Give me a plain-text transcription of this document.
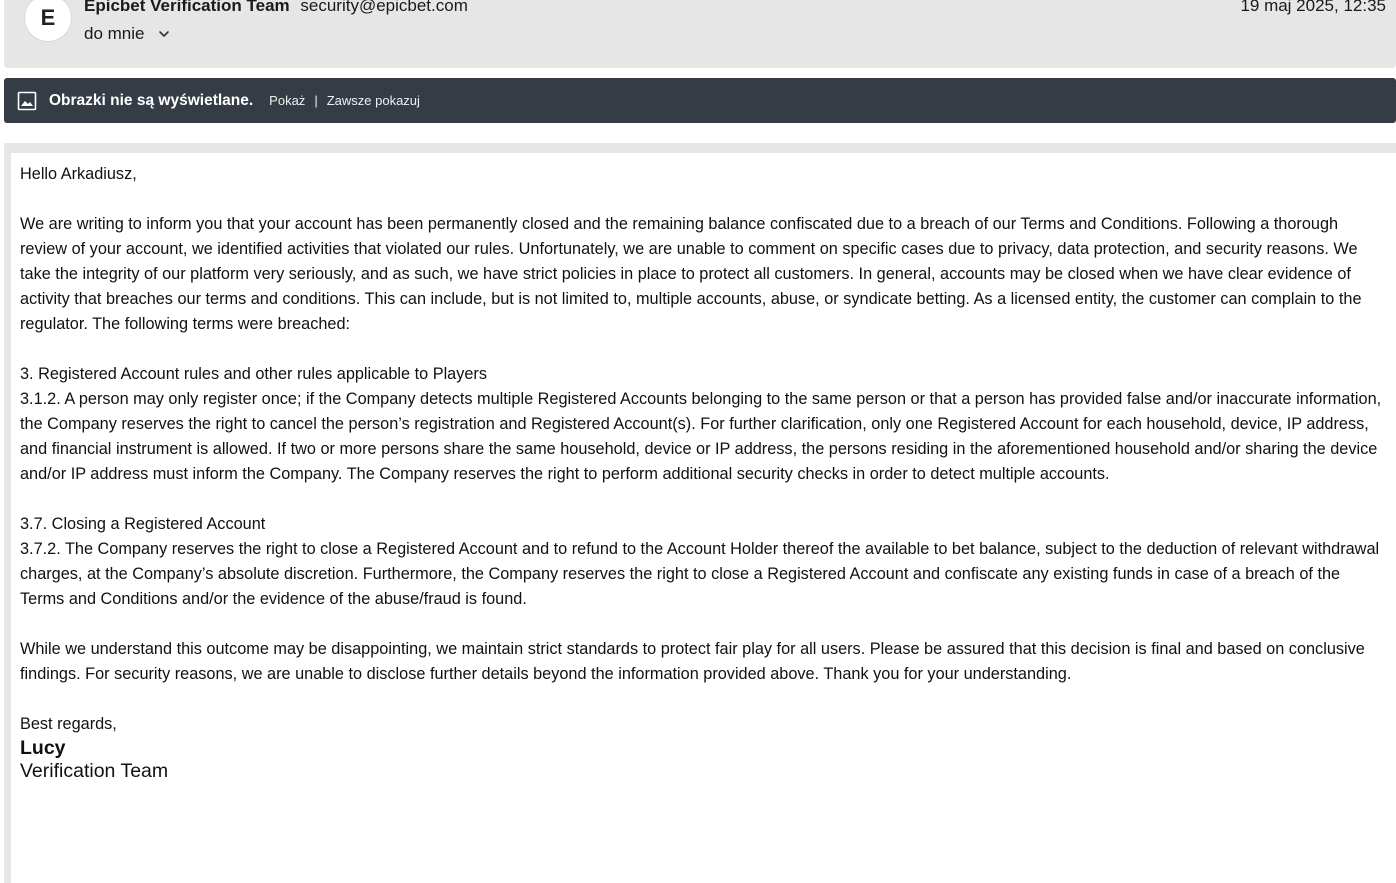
E	Epicbet Verification Team security@epicbet.com
do mnie
19 maj 2025, 12:35
Obrazki nie są wyświetlane. Pokaż | Zawsze pokazuj

Hello Arkadiusz,

We are writing to inform you that your account has been permanently closed and the remaining balance confiscated due to a breach of our Terms and Conditions. Following a thorough review of your account, we identified activities that violated our rules. Unfortunately, we are unable to comment on specific cases due to privacy, data protection, and security reasons. We take the integrity of our platform very seriously, and as such, we have strict policies in place to protect all customers. In general, accounts may be closed when we have clear evidence of activity that breaches our terms and conditions. This can include, but is not limited to, multiple accounts, abuse, or syndicate betting. As a licensed entity, the customer can complain to the regulator. The following terms were breached:

3. Registered Account rules and other rules applicable to Players

3.1.2. A person may only register once; if the Company detects multiple Registered Accounts belonging to the same person or that a person has provided false and/or inaccurate information, the Company reserves the right to cancel the person’s registration and Registered Account(s). For further clarification, only one Registered Account for each household, device, IP address, and financial instrument is allowed. If two or more persons share the same household, device or IP address, the persons residing in the aforementioned household and/or sharing the device and/or IP address must inform the Company. The Company reserves the right to perform additional security checks in order to detect multiple accounts.

3.7. Closing a Registered Account

3.7.2. The Company reserves the right to close a Registered Account and to refund to the Account Holder thereof the available to bet balance, subject to the deduction of relevant withdrawal charges, at the Company’s absolute discretion. Furthermore, the Company reserves the right to close a Registered Account and confiscate any existing funds in case of a breach of the Terms and Conditions and/or the evidence of the abuse/fraud is found.

While we understand this outcome may be disappointing, we maintain strict standards to protect fair play for all users. Please be assured that this decision is final and based on conclusive findings. For security reasons, we are unable to disclose further details beyond the information provided above. Thank you for your understanding.

Best regards,

Lucy

Verification Team
